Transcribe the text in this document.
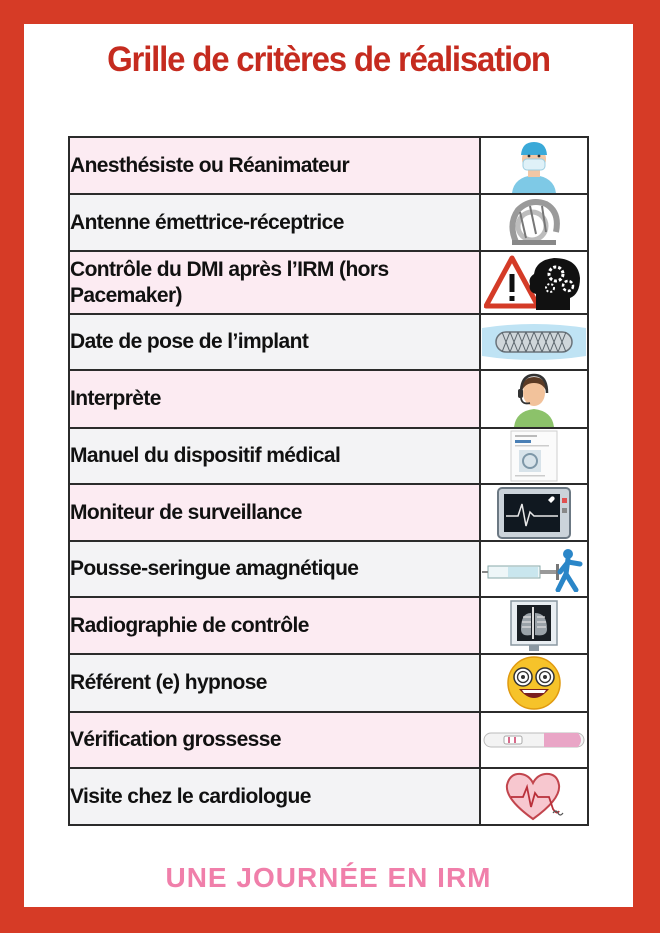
Grille de critères de réalisation
Anesthésiste ou Réanimateur	

Antenne émettrice-réceptrice	

Contrôle du DMI après l’IRM (hors Pacemaker)	

Date de pose de l’implant	

Interprète	

Manuel du dispositif médical	

Moniteur de surveillance	

Pousse-seringue amagnétique	

Radiographie de contrôle	

Référent (e) hypnose	

Vérification grossesse	

Visite chez le cardiologue	
UNE JOURNÉE EN IRM
